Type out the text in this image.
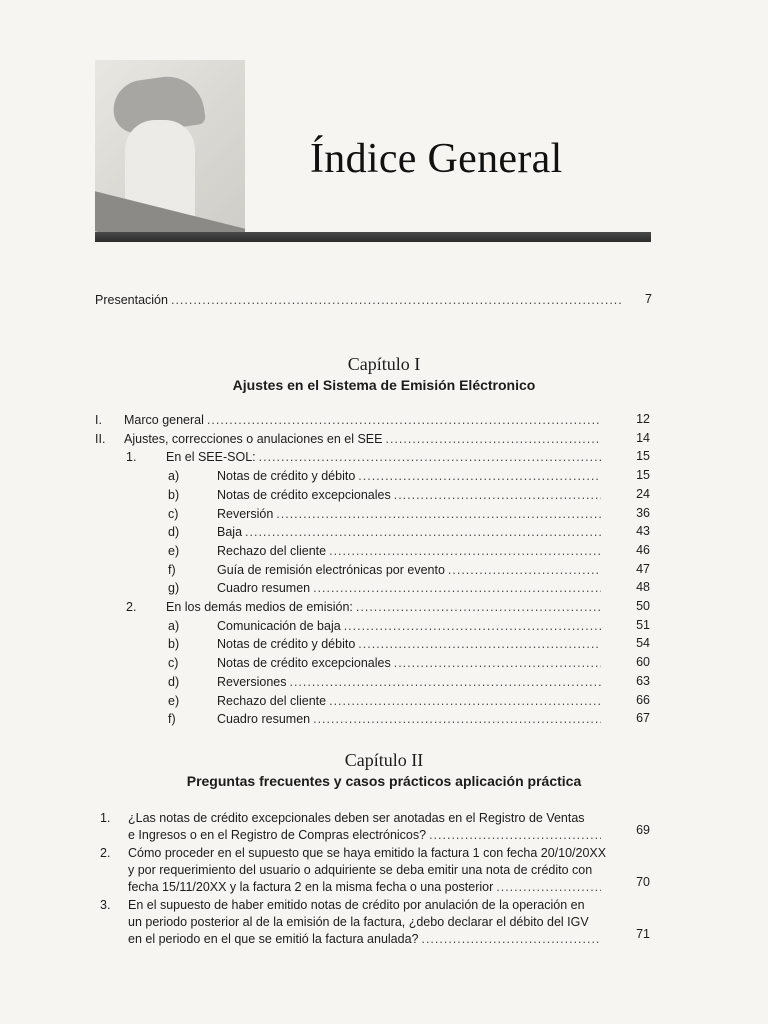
Índice General
Presentación .....	7
Capítulo I
Ajustes en el Sistema de Emisión Eléctronico
I. Marco general .....	12
II. Ajustes, correcciones o anulaciones en el SEE .....	14
1. En el SEE-SOL: .....	15
a)	Notas de crédito y débito .....	15
b)	Notas de crédito excepcionales .....	24
c)	Reversión .....	36
d)	Baja .....	43
e)	Rechazo del cliente .....	46
f)	Guía de remisión electrónicas por evento .....	47
g)	Cuadro resumen .....	48
2. En los demás medios de emisión: .....	50
a)	Comunicación de baja .....	51
b)	Notas de crédito y débito .....	54
c)	Notas de crédito excepcionales .....	60
d)	Reversiones .....	63
e)	Rechazo del cliente .....	66
f)	Cuadro resumen .....	67
Capítulo II
Preguntas frecuentes y casos prácticos aplicación práctica
1. ¿Las notas de crédito excepcionales deben ser anotadas en el Registro de Ventas
e Ingresos o en el Registro de Compras electrónicos? .....	69
2. Cómo proceder en el supuesto que se haya emitido la factura 1 con fecha 20/10/20XX
y por requerimiento del usuario o adquiriente se deba emitir una nota de crédito con
fecha 15/11/20XX y la factura 2 en la misma fecha o una posterior .....	70
3. En el supuesto de haber emitido notas de crédito por anulación de la operación en
un periodo posterior al de la emisión de la factura, ¿debo declarar el débito del IGV
en el periodo en el que se emitió la factura anulada? .....	71
